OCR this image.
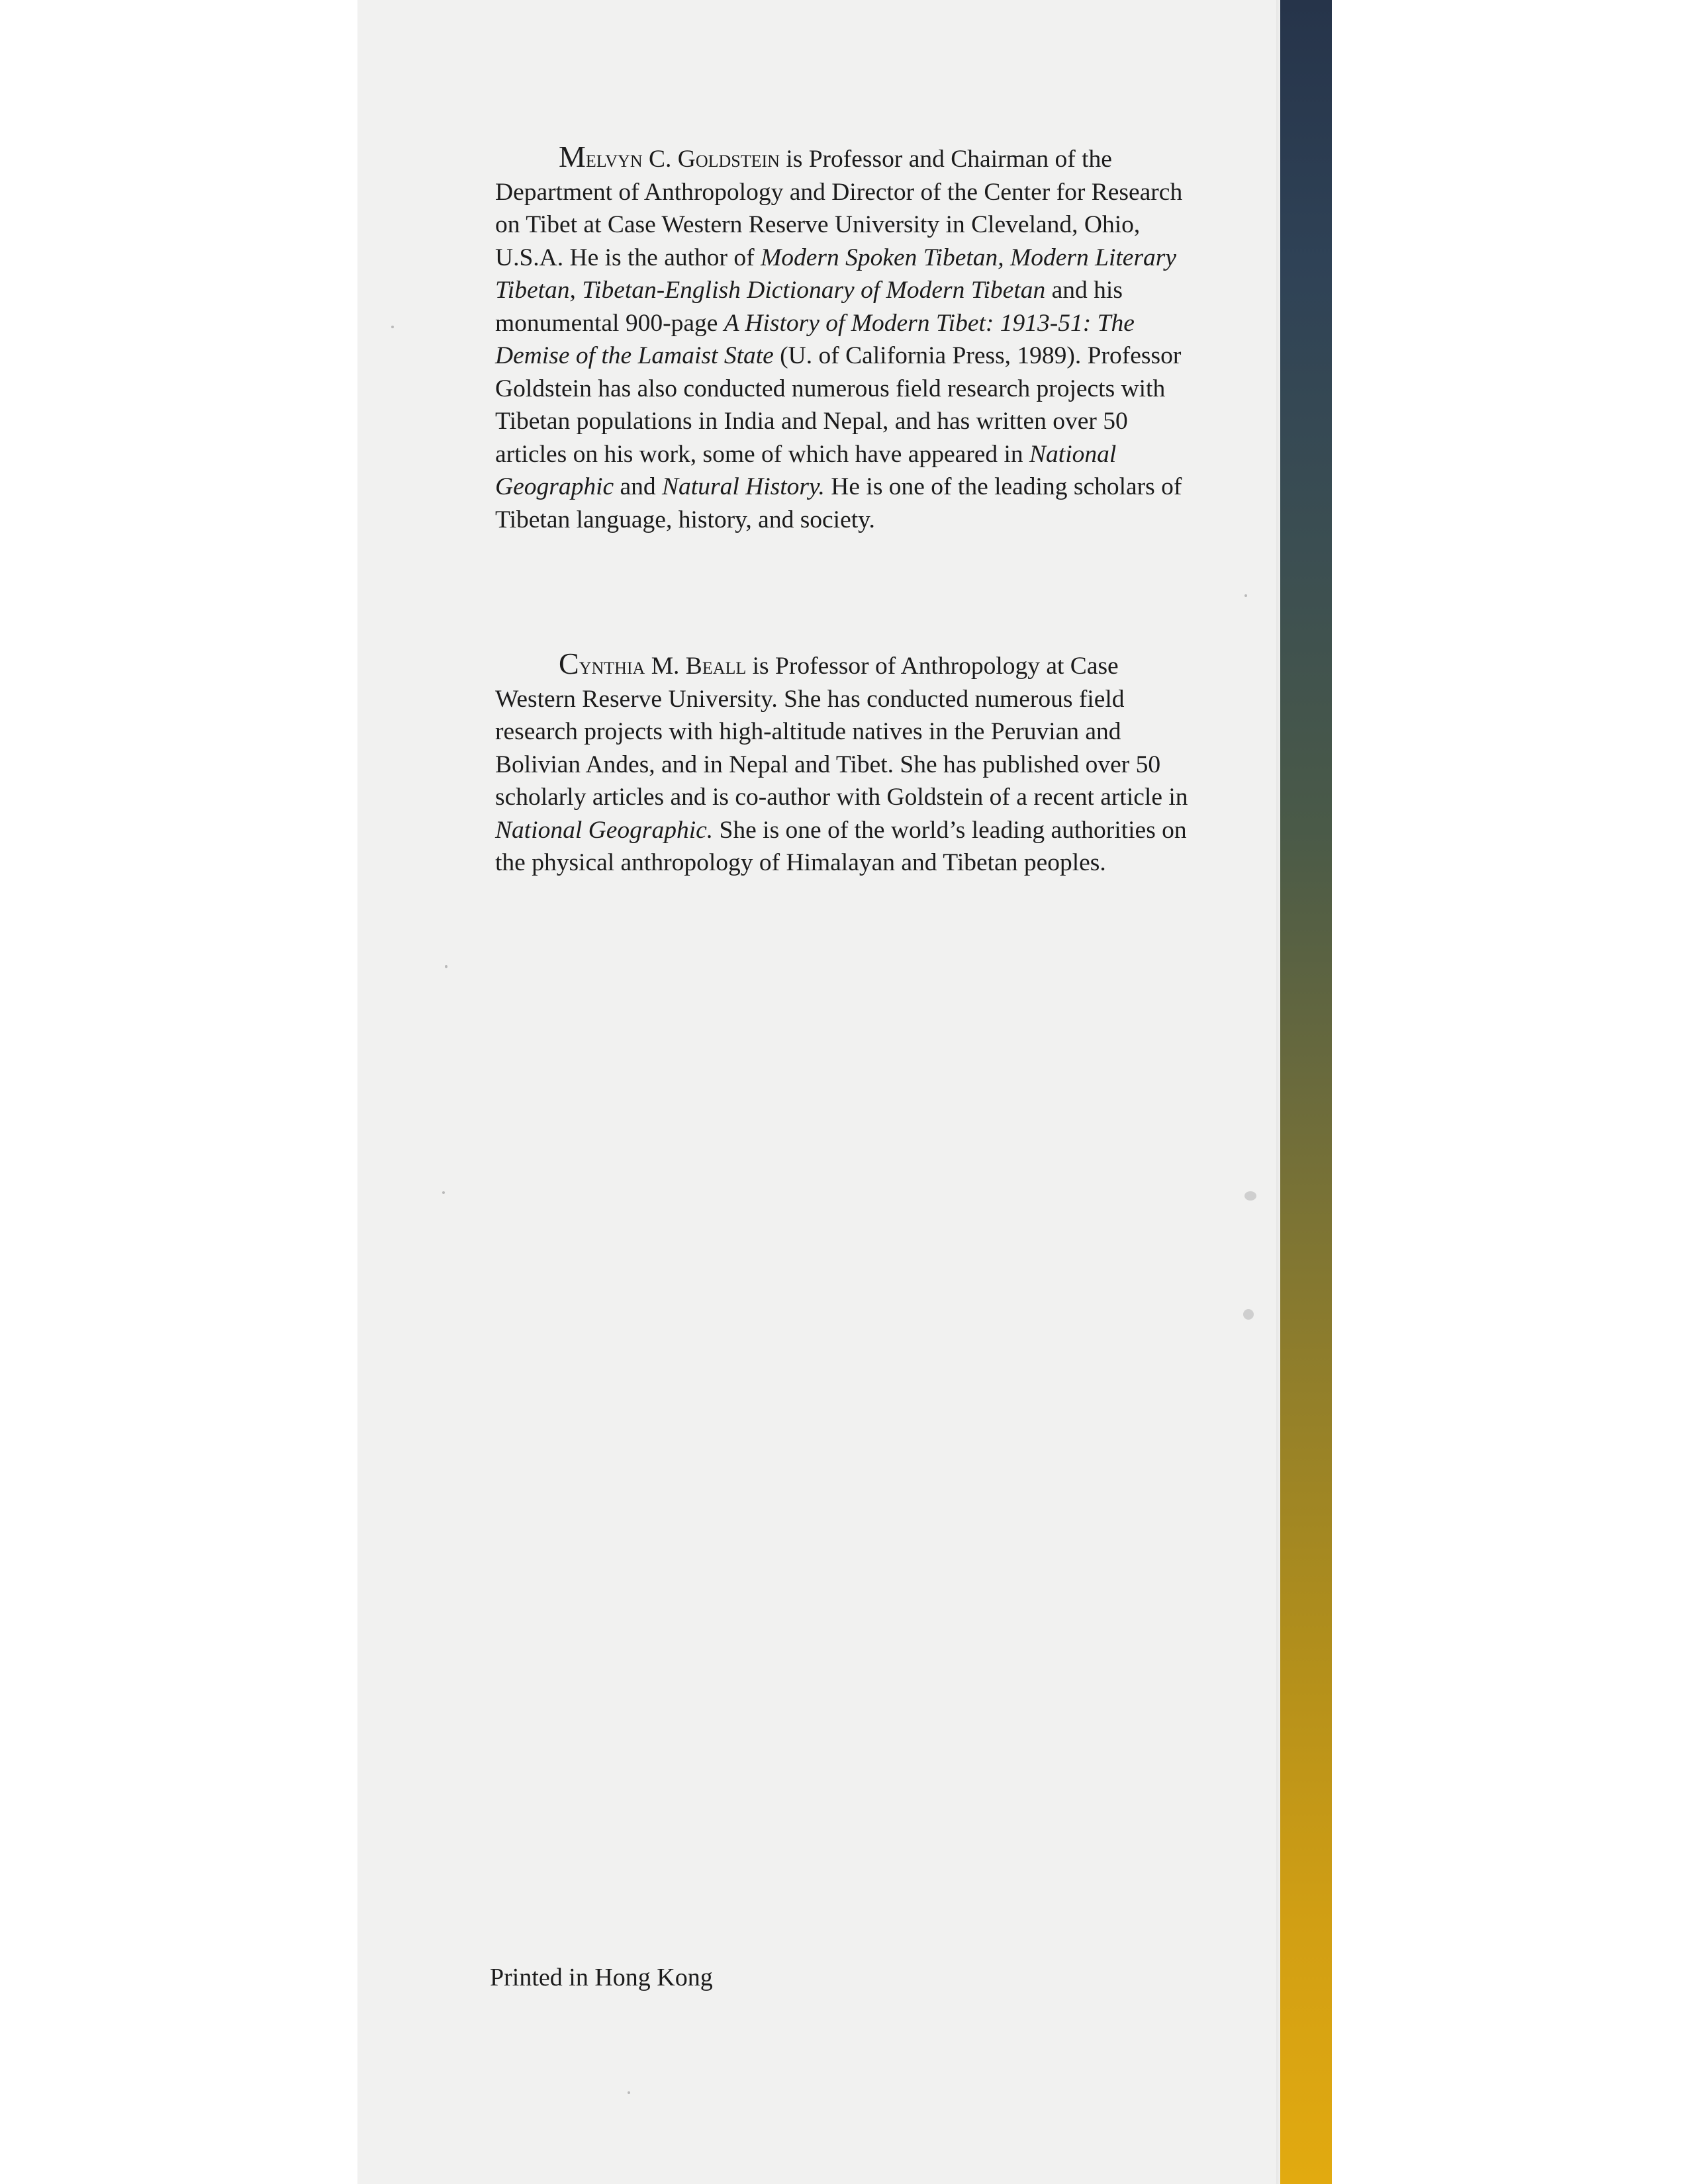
Melvyn C. Goldstein is Professor and Chairman of the Department of Anthropology and Director of the Center for Research on Tibet at Case Western Reserve University in Cleveland, Ohio, U.S.A. He is the author of Modern Spoken Tibetan, Modern Literary Tibetan, Tibetan-English Dictionary of Modern Tibetan and his monumental 900-page A History of Modern Tibet: 1913-51: The Demise of the Lamaist State (U. of California Press, 1989). Professor Goldstein has also conducted numerous field research projects with Tibetan populations in India and Nepal, and has written over 50 articles on his work, some of which have appeared in National Geographic and Natural History. He is one of the leading scholars of Tibetan language, history, and society.

Cynthia M. Beall is Professor of Anthropology at Case Western Reserve University. She has conducted numerous field research projects with high-altitude natives in the Peruvian and Bolivian Andes, and in Nepal and Tibet. She has published over 50 scholarly articles and is co-author with Goldstein of a recent article in National Geographic. She is one of the world’s leading authorities on the physical anthropology of Himalayan and Tibetan peoples.

Printed in Hong Kong
